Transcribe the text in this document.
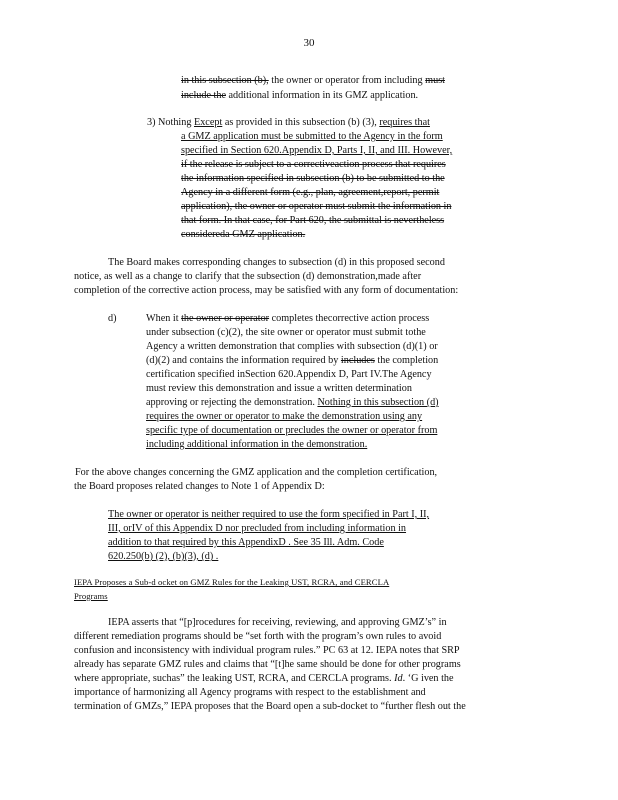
30
in this subsection (b), the owner or operator from including must
include the additional information in its GMZ application.
3) Nothing Except as provided in this subsection (b) (3), requires that
a GMZ application must be submitted to the Agency in the form
specified in Section 620.Appendix D, Parts I, II, and III. However,
if the release is subject to a correctiveaction process that requires
the information specified in subsection (b) to be submitted to the
Agency in a different form (e.g., plan, agreement,report, permit
application), the owner or operator must submit the information in
that form. In that case, for Part 620, the submittal is nevertheless
considereda GMZ application.
The Board makes corresponding changes to subsection (d) in this proposed second
notice, as well as a change to clarify that the subsection (d) demonstration,made after
completion of the corrective action process, may be satisfied with any form of documentation:
d)	When it the owner or operator completes thecorrective action process
under subsection (c)(2), the site owner or operator must submit tothe
Agency a written demonstration that complies with subsection (d)(1) or
(d)(2) and contains the information required by includes the completion
certification specified inSection 620.Appendix D, Part IV.The Agency
must review this demonstration and issue a written determination
approving or rejecting the demonstration. Nothing in this subsection (d)
requires the owner or operator to make the demonstration using any
specific type of documentation or precludes the owner or operator from
including additional information in the demonstration.
For the above changes concerning the GMZ application and the completion certification,
the Board proposes related changes to Note 1 of Appendix D:
The owner or operator is neither required to use the form specified in Part I, II,
III, orIV of this Appendix D nor precluded from including information in
addition to that required by this AppendixD . See 35 Ill. Adm. Code
620.250(b) (2), (b)(3), (d) .
IEPA Proposes a Sub-d ocket on GMZ Rules for the Leaking UST, RCRA, and CERCLA
Programs
IEPA asserts that “[p]rocedures for receiving, reviewing, and approving GMZ’s” in
different remediation programs should be “set forth with the program’s own rules to avoid
confusion and inconsistency with individual program rules.” PC 63 at 12. IEPA notes that SRP
already has separate GMZ rules and claims that “[t]he same should be done for other programs
where appropriate, suchas” the leaking UST, RCRA, and CERCLA programs. Id. ‘G iven the
importance of harmonizing all Agency programs with respect to the establishment and
termination of GMZs,” IEPA proposes that the Board open a sub-docket to “further flesh out the
